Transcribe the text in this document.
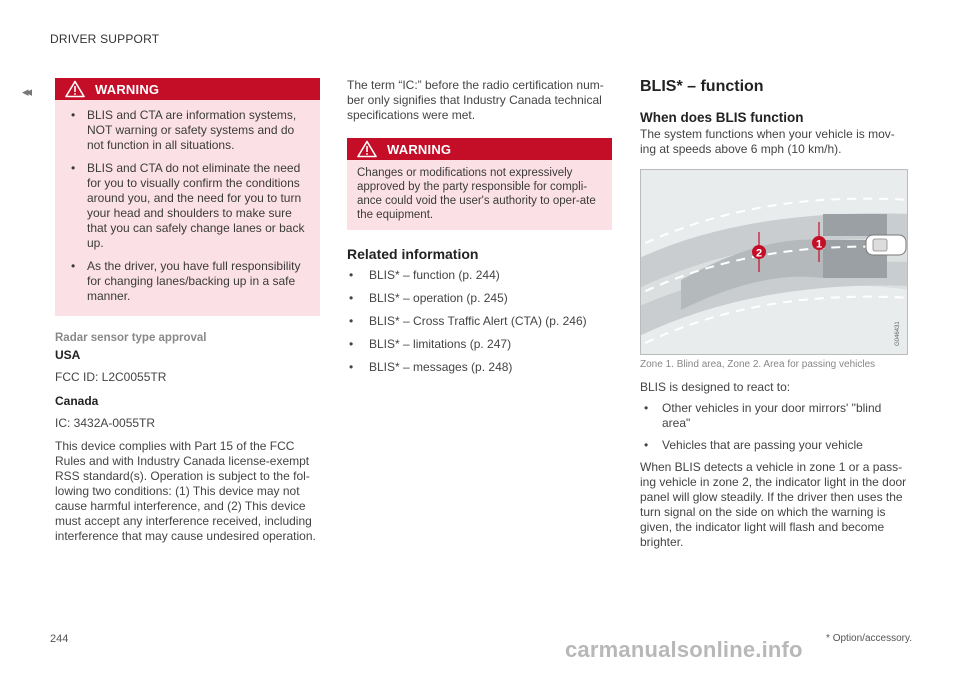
DRIVER SUPPORT
◂◂	WARNING
• BLIS and CTA are information systems, NOT warning or safety systems and do not function in all situations.
• BLIS and CTA do not eliminate the need for you to visually confirm the conditions around you, and the need for you to turn your head and shoulders to make sure that you can safely change lanes or back up.
• As the driver, you have full responsibility for changing lanes/backing up in a safe manner.
Radar sensor type approval
USA
FCC ID: L2C0055TR
Canada
IC: 3432A-0055TR
This device complies with Part 15 of the FCC Rules and with Industry Canada license-exempt RSS standard(s). Operation is subject to the fol-lowing two conditions: (1) This device may not cause harmful interference, and (2) This device must accept any interference received, including interference that may cause undesired operation.
The term “IC:” before the radio certification num-ber only signifies that Industry Canada technical specifications were met.
WARNING
Changes or modifications not expressively approved by the party responsible for compli-ance could void the user's authority to oper-ate the equipment.
Related information
• BLIS* – function (p. 244)
• BLIS* – operation (p. 245)
• BLIS* – Cross Traffic Alert (CTA) (p. 246)
• BLIS* – limitations (p. 247)
• BLIS* – messages (p. 248)
BLIS* – function
When does BLIS function
The system functions when your vehicle is mov-ing at speeds above 6 mph (10 km/h).
1
2
G046431
Zone 1. Blind area, Zone 2. Area for passing vehicles
BLIS is designed to react to:
• Other vehicles in your door mirrors' "blind area"
• Vehicles that are passing your vehicle
When BLIS detects a vehicle in zone 1 or a pass-ing vehicle in zone 2, the indicator light in the door panel will glow steadily. If the driver then uses the turn signal on the side on which the warning is given, the indicator light will flash and become brighter.
244	* Option/accessory.
carmanualsonline.info
